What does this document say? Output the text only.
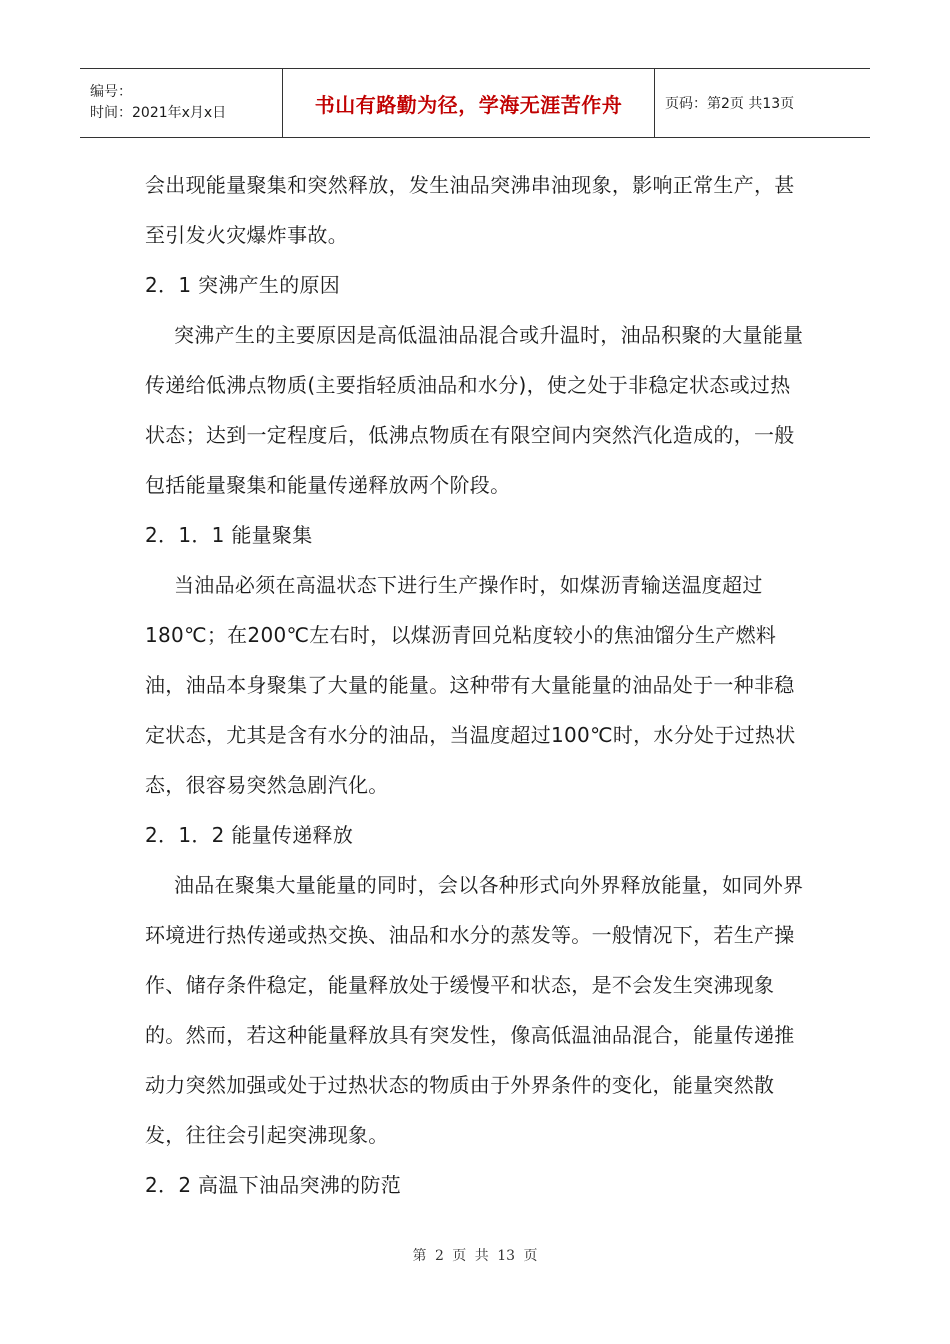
编号：
时间：2021年x月x日	书山有路勤为径，学海无涯苦作舟	页码：第2页 共13页

会出现能量聚集和突然释放，发生油品突沸串油现象，影响正常生产，甚至引发火灾爆炸事故。

2．1 突沸产生的原因

突沸产生的主要原因是高低温油品混合或升温时，油品积聚的大量能量传递给低沸点物质(主要指轻质油品和水分)，使之处于非稳定状态或过热状态；达到一定程度后，低沸点物质在有限空间内突然汽化造成的，一般包括能量聚集和能量传递释放两个阶段。

2．1．1 能量聚集

当油品必须在高温状态下进行生产操作时，如煤沥青输送温度超过180℃；在200℃左右时，以煤沥青回兑粘度较小的焦油馏分生产燃料油，油品本身聚集了大量的能量。这种带有大量能量的油品处于一种非稳定状态，尤其是含有水分的油品，当温度超过100℃时，水分处于过热状态，很容易突然急剧汽化。

2．1．2 能量传递释放

油品在聚集大量能量的同时，会以各种形式向外界释放能量，如同外界环境进行热传递或热交换、油品和水分的蒸发等。一般情况下，若生产操作、储存条件稳定，能量释放处于缓慢平和状态，是不会发生突沸现象的。然而，若这种能量释放具有突发性，像高低温油品混合，能量传递推动力突然加强或处于过热状态的物质由于外界条件的变化，能量突然散发，往往会引起突沸现象。

2．2 高温下油品突沸的防范

第 2 页 共 13 页
